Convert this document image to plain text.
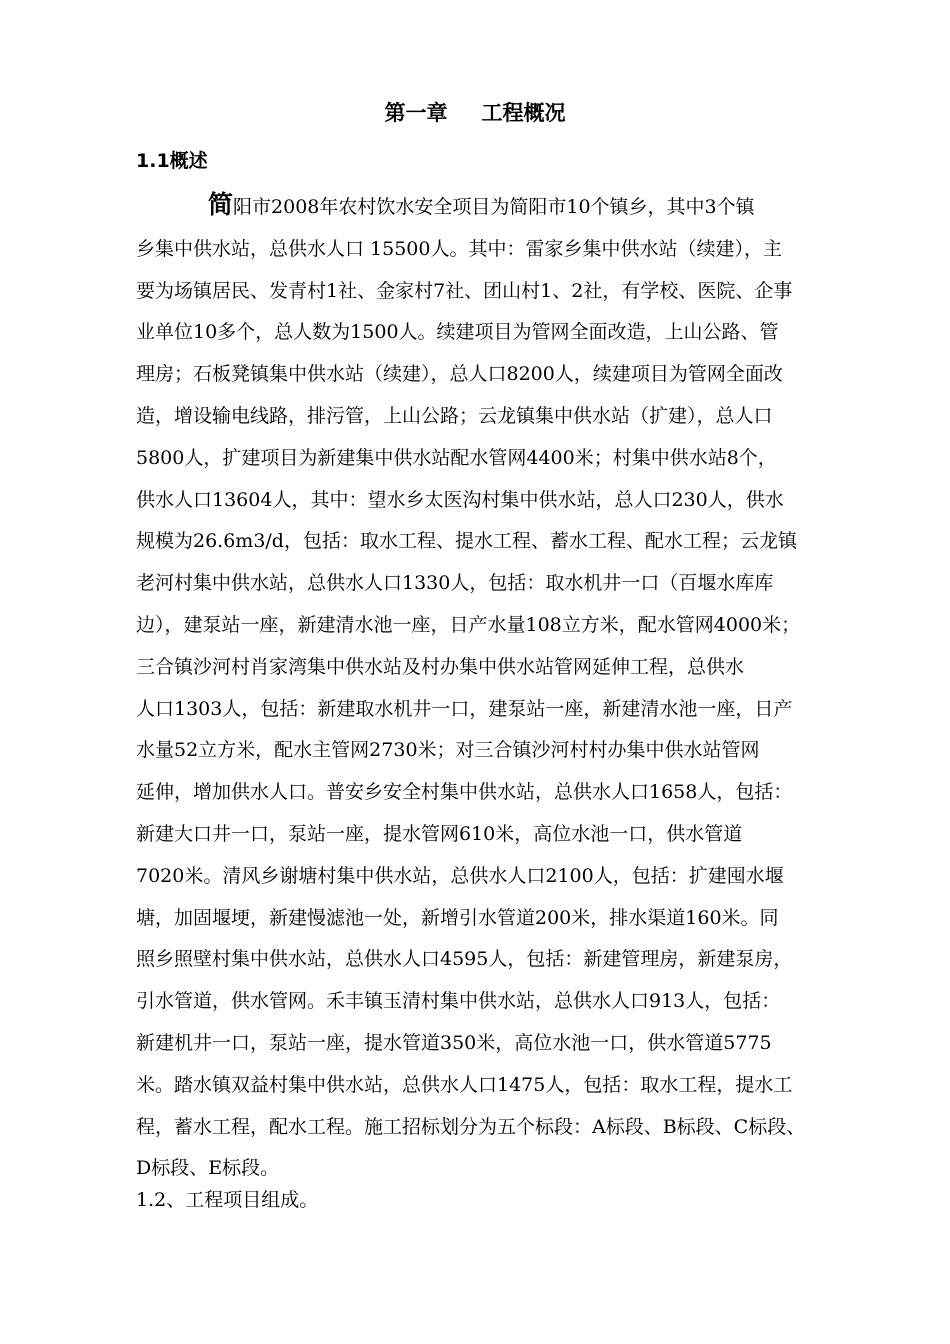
第一章 工程概况
1.1概述
简阳市2008年农村饮水安全项目为简阳市10个镇乡，其中3个镇
乡集中供水站，总供水人口 15500人。其中：雷家乡集中供水站（续建），主
要为场镇居民、发青村1社、金家村7社、团山村1、2社，有学校、医院、企事
业单位10多个，总人数为1500人。续建项目为管网全面改造，上山公路、管
理房；石板凳镇集中供水站（续建），总人口8200人，续建项目为管网全面改
造，增设输电线路，排污管，上山公路；云龙镇集中供水站（扩建），总人口
5800人，扩建项目为新建集中供水站配水管网4400米；村集中供水站8个，
供水人口13604人，其中：望水乡太医沟村集中供水站，总人口230人，供水
规模为26.6m3/d，包括：取水工程、提水工程、蓄水工程、配水工程；云龙镇
老河村集中供水站，总供水人口1330人，包括：取水机井一口（百堰水库库
边），建泵站一座，新建清水池一座，日产水量108立方米，配水管网4000米；
三合镇沙河村肖家湾集中供水站及村办集中供水站管网延伸工程，总供水
人口1303人，包括：新建取水机井一口，建泵站一座，新建清水池一座，日产
水量52立方米，配水主管网2730米；对三合镇沙河村村办集中供水站管网
延伸，增加供水人口。普安乡安全村集中供水站，总供水人口1658人，包括：
新建大口井一口，泵站一座，提水管网610米，高位水池一口，供水管道
7020米。清风乡谢塘村集中供水站，总供水人口2100人，包括：扩建囤水堰
塘，加固堰埂，新建慢滤池一处，新增引水管道200米，排水渠道160米。同
照乡照壁村集中供水站，总供水人口4595人，包括：新建管理房，新建泵房，
引水管道，供水管网。禾丰镇玉清村集中供水站，总供水人口913人，包括：
新建机井一口，泵站一座，提水管道350米，高位水池一口，供水管道5775
米。踏水镇双益村集中供水站，总供水人口1475人，包括：取水工程，提水工
程，蓄水工程，配水工程。施工招标划分为五个标段：A标段、B标段、C标段、
D标段、E标段。
1.2、工程项目组成。
